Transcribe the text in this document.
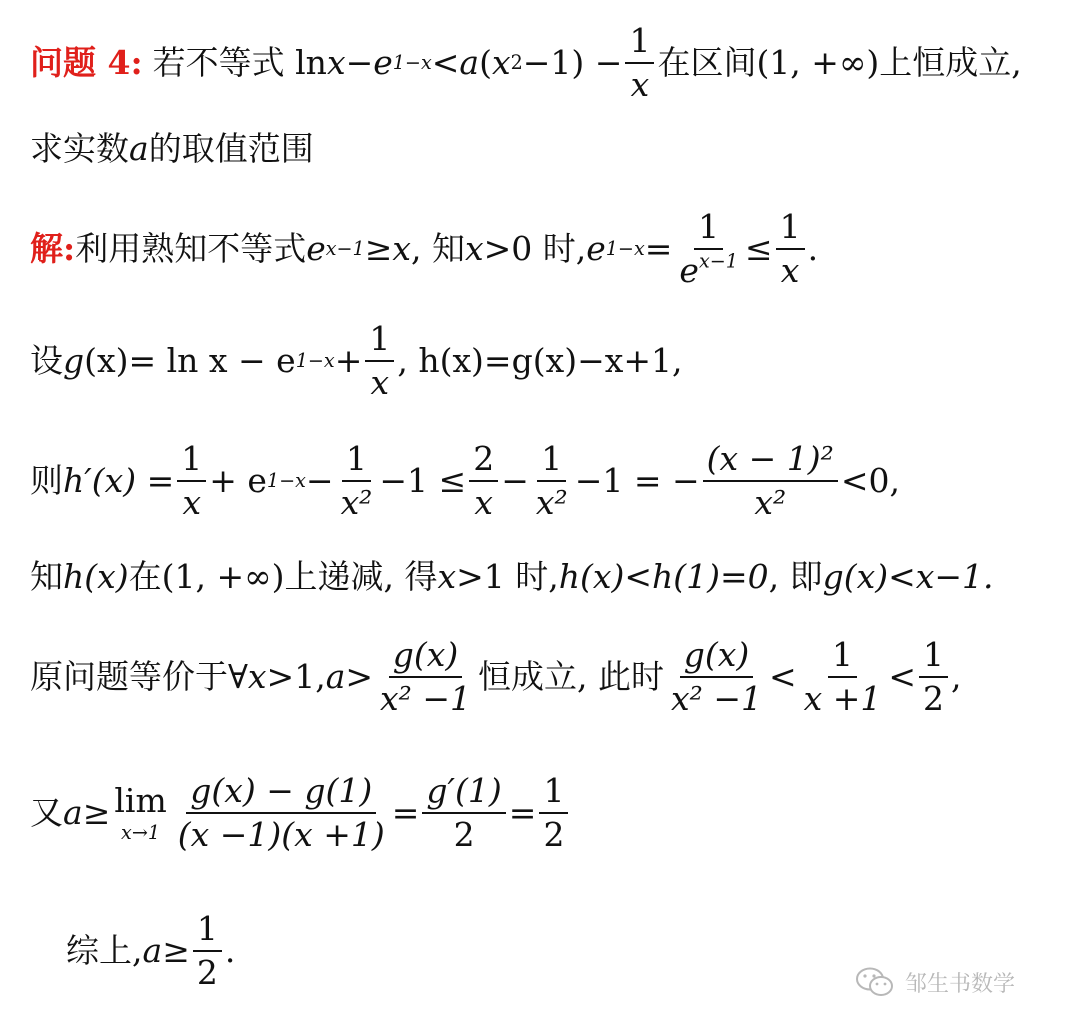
问题 4: 若不等式 ln x − e 1−x < a ( x $2 -1) - \frac{1}{x}$ 在区间(1, +∞)上恒成立,
求实数 a 的取值范围
解: 利用熟知不等式 e x−1 ≥ x , 知 x >0 时, e $1-x = \frac{1}{e^{x-1}} \le \frac{1}{x}$ .
设 g (x)= ln x − e $1-x + \frac{1}{x}$ , h(x)=g(x)−x+1,
则 $h'(x) = \frac{1}{x} + e$ $1-x - \frac{1}{\text{x²}} -1 \le \frac{2}{x} - \frac{1}{\text{x²}} -1$ = − $\frac{\text{(x − 1)²}}{\text{x²}} <0$,
知 h(x) 在(1, +∞)上递减, 得 x >1 时, h(x)<h(1)=0 , 即 g(x)<x−1.
原问题等价于∀ x >1, $a > \frac{g(x)}{\text{x² −1}}$ 恒成立, 此时 $\frac{g(x)}{\text{x² −1}} < \frac{1}{x +1} < \frac{1}{2}$ ,
又 a ≥ lim
$x\to 1 \frac{g(x) - g(1)}{(x -1)(x +1)} = \frac{g'(1)}{2} = \frac{1}{2}$
综上, $a \ge \frac{1}{2}$ .
邹生书数学
